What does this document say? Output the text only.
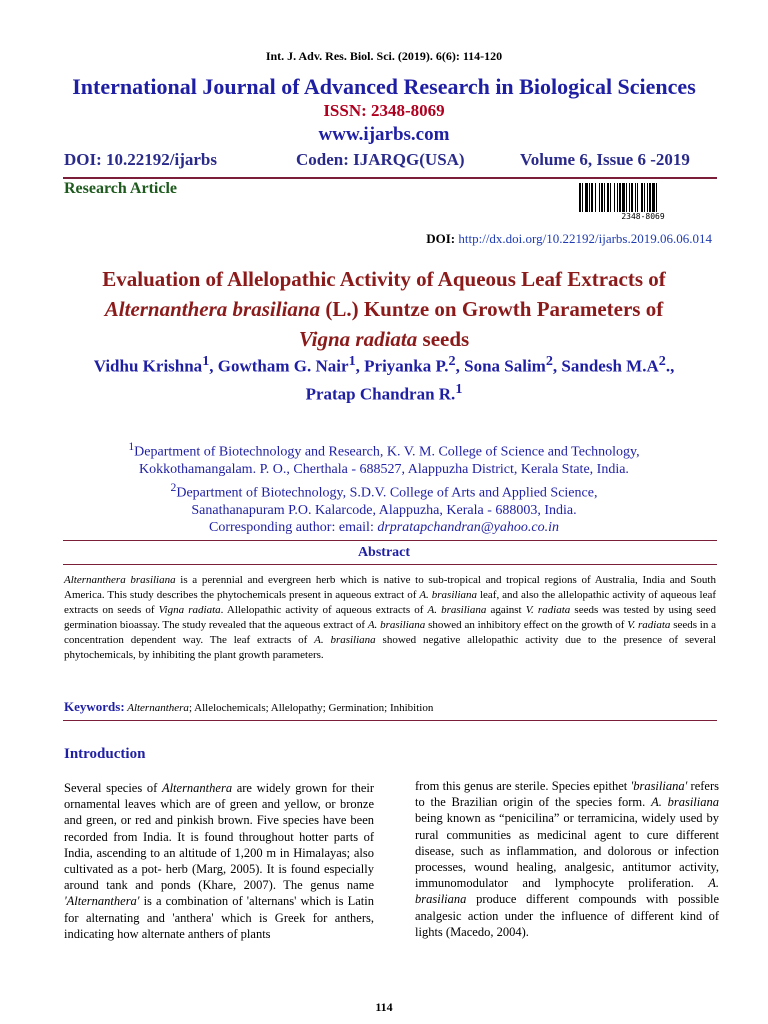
Int. J. Adv. Res. Biol. Sci. (2019). 6(6): 114-120
International Journal of Advanced Research in Biological Sciences
ISSN: 2348-8069
www.ijarbs.com
DOI: 10.22192/ijarbs	Coden: IJARQG(USA)	Volume 6, Issue 6 -2019
Research Article
2348-8069
DOI: http://dx.doi.org/10.22192/ijarbs.2019.06.06.014
Evaluation of Allelopathic Activity of Aqueous Leaf Extracts of
Alternanthera brasiliana (L.) Kuntze on Growth Parameters of
Vigna radiata seeds
Vidhu Krishna$^1$, Gowtham G. Nair$^1$, Priyanka P.$^2$, Sona Salim$^2$, Sandesh $M.A^2$.,
Pratap Chandran R.$^1$
$^1$Department of Biotechnology and Research, K. V. M. College of Science and Technology,
Kokkothamangalam. P. O., Cherthala - 688527, Alappuzha District, Kerala State, India.
$^2$Department of Biotechnology, S.D.V. College of Arts and Applied Science,
Sanathanapuram P.O. Kalarcode, Alappuzha, Kerala - 688003, India.
Corresponding author: email: drpratapchandran@yahoo.co.in
Abstract
Alternanthera brasiliana is a perennial and evergreen herb which is native to sub-tropical and tropical regions of Australia, India and South America. This study describes the phytochemicals present in aqueous extract of A. brasiliana leaf, and also the allelopathic activity of aqueous leaf extracts on seeds of Vigna radiata. Allelopathic activity of aqueous extracts of A. brasiliana against V. radiata seeds was tested by using seed germination bioassay. The study revealed that the aqueous extract of A. brasiliana showed an inhibitory effect on the growth of V. radiata seeds in a concentration dependent way. The leaf extracts of A. brasiliana showed negative allelopathic activity due to the presence of several phytochemicals, by inhibiting the plant growth parameters.
Keywords: Alternanthera; Allelochemicals; Allelopathy; Germination; Inhibition
Introduction
Several species of Alternanthera are widely grown for their ornamental leaves which are of green and yellow, or bronze and green, or red and pinkish brown. Five species have been recorded from India. It is found throughout hotter parts of India, ascending to an altitude of 1,200 m in Himalayas; also cultivated as a pot- herb (Marg, 2005). It is found especially around tank and ponds (Khare, 2007). The genus name 'Alternanthera' is a combination of 'alternans' which is Latin for alternating and 'anthera' which is Greek for anthers, indicating how alternate anthers of plants
from this genus are sterile. Species epithet 'brasiliana' refers to the Brazilian origin of the species form. A. brasiliana being known as “penicilina” or terramicina, widely used by rural communities as medicinal agent to cure different disease, such as inflammation, and dolorous or infection processes, wound healing, analgesic, antitumor activity, immunomodulator and lymphocyte proliferation. A. brasiliana produce different compounds with possible analgesic action under the influence of different kind of lights (Macedo, 2004).
114
